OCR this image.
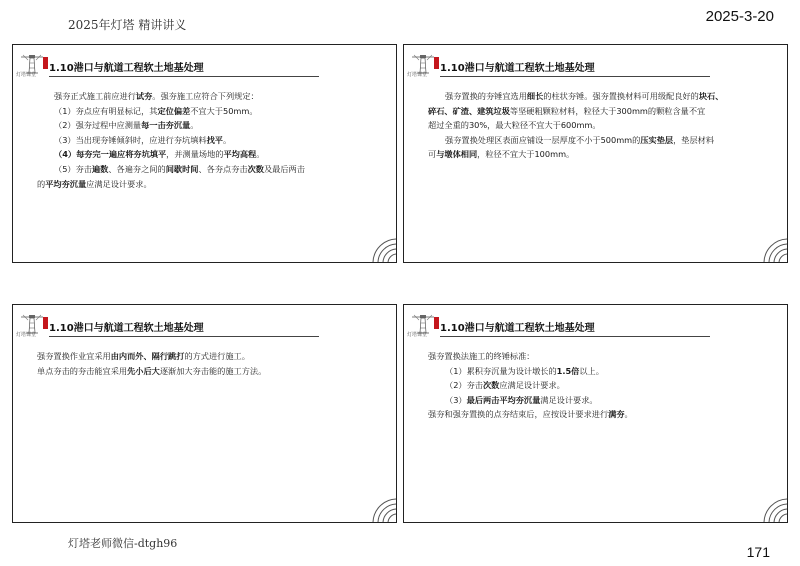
2025年灯塔 精讲讲义	2025-3-20
灯塔课堂
1.10港口与航道工程软土地基处理

强夯正式施工前应进行试夯。强夯施工应符合下列规定：

（1）夯点应有明显标记，其定位偏差不宜大于50mm。

（2）强夯过程中应测量每一击夯沉量。

（3）当出现夯锤倾斜时，应进行夯坑填料找平。

（4）每夯完一遍应将夯坑填平，并测量场地的平均高程。

（5）夯击遍数、各遍夯之间的间歇时间、各夯点夯击次数及最后两击

的平均夯沉量应满足设计要求。

灯塔课堂
1.10港口与航道工程软土地基处理

强夯置换的夯锤宜选用细长的柱状夯锤。强夯置换材料可用级配良好的块石、

碎石、矿渣、建筑垃圾等坚硬粗颗粒材料，粒径大于300mm的颗粒含量不宜

超过全重的30%，最大粒径不宜大于600mm。

强夯置换处理区表面应铺设一层厚度不小于500mm的压实垫层，垫层材料

可与墩体相同，粒径不宜大于100mm。

灯塔课堂
1.10港口与航道工程软土地基处理

强夯置换作业宜采用由内而外、隔行跳打的方式进行施工。

单点夯击的夯击能宜采用先小后大逐渐加大夯击能的施工方法。

灯塔课堂
1.10港口与航道工程软土地基处理

强夯置换法施工的终锤标准：

（1）累积夯沉量为设计墩长的1.5倍以上。

（2）夯击次数应满足设计要求。

（3）最后两击平均夯沉量满足设计要求。

强夯和强夯置换的点夯结束后，应按设计要求进行满夯。

灯塔老师微信-dtgh96
171
